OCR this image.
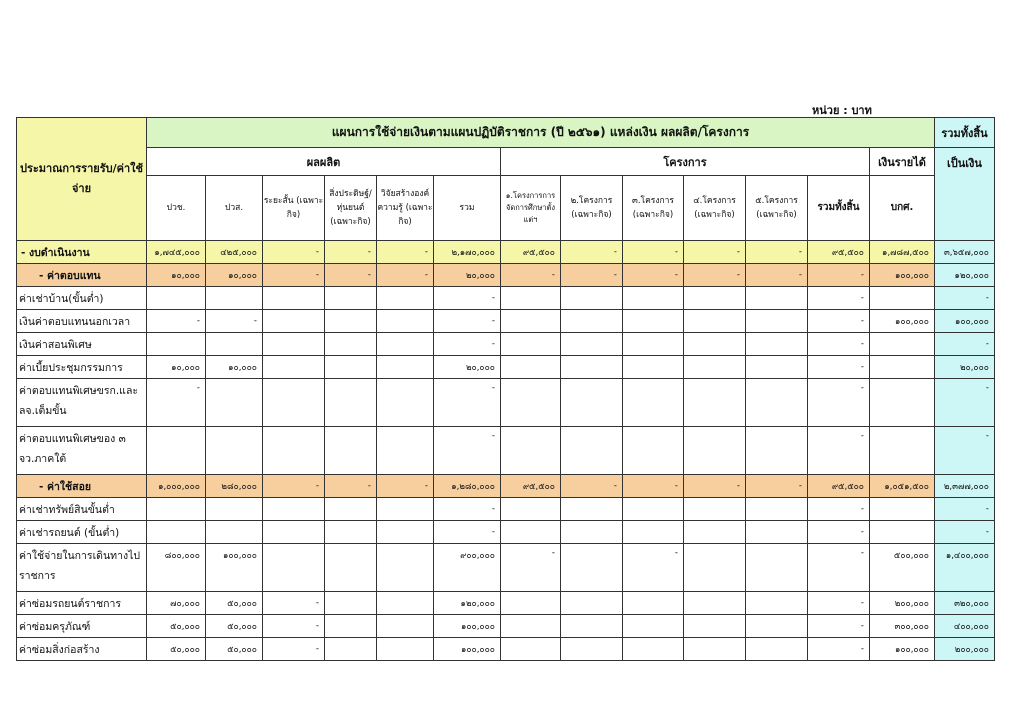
หน่วย : บาท
ประมาณการรายรับ/ค่าใช้จ่าย	แผนการใช้จ่ายเงินตามแผนปฏิบัติราชการ (ปี ๒๕๖๑) แหล่งเงิน ผลผลิต/โครงการ													รวมทั้งสิ้น
	ผลผลิต						โครงการ						เงินรายได้	เป็นเงิน
	ปวช.	ปวส.	ระยะสั้น (เฉพาะกิจ)	สิ่งประดิษฐ์/หุ่นยนต์ (เฉพาะกิจ)	วิจัยสร้างองค์ความรู้ (เฉพาะกิจ)	รวม	๑.โครงการการจัดการศึกษาตั้งแต่ฯ	๒.โครงการ (เฉพาะกิจ)	๓.โครงการ (เฉพาะกิจ)	๔.โครงการ (เฉพาะกิจ)	๕.โครงการ (เฉพาะกิจ)	รวมทั้งสิ้น	บกศ.	
- งบดำเนินงาน	๑,๗๔๕,๐๐๐	๔๒๕,๐๐๐	-	-	-	๒,๑๗๐,๐๐๐	๙๕,๕๐๐	-	-	-	-	๙๕,๕๐๐	๑,๗๘๗,๕๐๐	๓,๖๕๗,๐๐๐
- ค่าตอบแทน	๑๐,๐๐๐	๑๐,๐๐๐	-	-	-	๒๐,๐๐๐	-	-	-	-	-	-	๑๐๐,๐๐๐	๑๒๐,๐๐๐
ค่าเช่าบ้าน(ขั้นต่ำ)						-						-		-
เงินค่าตอบแทนนอกเวลา	-	-				-						-	๑๐๐,๐๐๐	๑๐๐,๐๐๐
เงินค่าสอนพิเศษ						-						-		-
ค่าเบี้ยประชุมกรรมการ	๑๐,๐๐๐	๑๐,๐๐๐				๒๐,๐๐๐						-		๒๐,๐๐๐
ค่าตอบแทนพิเศษขรก.และลจ.เต็มขั้น	-					-						-		-
ค่าตอบแทนพิเศษของ ๓ จว.ภาคใต้						-						-		-
- ค่าใช้สอย	๑,๐๐๐,๐๐๐	๒๘๐,๐๐๐	-	-	-	๑,๒๘๐,๐๐๐	๙๕,๕๐๐	-	-	-	-	๙๕,๕๐๐	๑,๐๕๑,๕๐๐	๒,๓๗๗,๐๐๐
ค่าเช่าทรัพย์สินขั้นต่ำ						-						-		-
ค่าเช่ารถยนต์ (ขั้นต่ำ)						-						-		-
ค่าใช้จ่ายในการเดินทางไปราชการ	๘๐๐,๐๐๐	๑๐๐,๐๐๐				๙๐๐,๐๐๐	-		-			-	๕๐๐,๐๐๐	๑,๔๐๐,๐๐๐
ค่าซ่อมรถยนต์ราชการ	๗๐,๐๐๐	๕๐,๐๐๐	-			๑๒๐,๐๐๐						-	๒๐๐,๐๐๐	๓๒๐,๐๐๐
ค่าซ่อมครุภัณฑ์	๕๐,๐๐๐	๕๐,๐๐๐	-			๑๐๐,๐๐๐						-	๓๐๐,๐๐๐	๔๐๐,๐๐๐
ค่าซ่อมสิ่งก่อสร้าง	๕๐,๐๐๐	๕๐,๐๐๐	-			๑๐๐,๐๐๐						-	๑๐๐,๐๐๐	๒๐๐,๐๐๐
